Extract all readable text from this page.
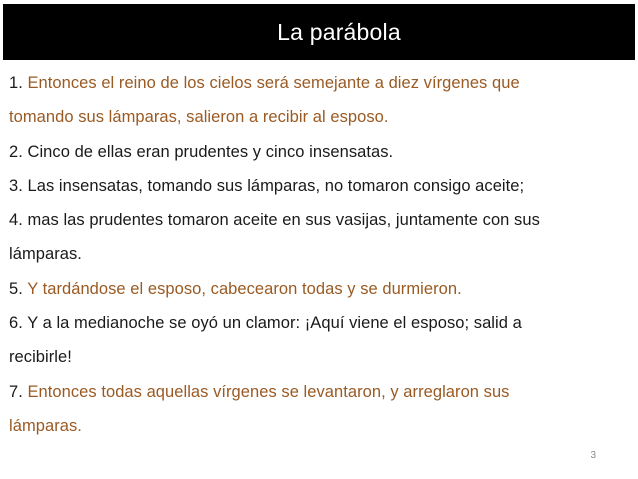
La parábola
1. Entonces el reino de los cielos será semejante a diez vírgenes que
tomando sus lámparas, salieron a recibir al esposo.
2. Cinco de ellas eran prudentes y cinco insensatas.
3. Las insensatas, tomando sus lámparas, no tomaron consigo aceite;
4. mas las prudentes tomaron aceite en sus vasijas, juntamente con sus
lámparas.
5. Y tardándose el esposo, cabecearon todas y se durmieron.
6. Y a la medianoche se oyó un clamor: ¡Aquí viene el esposo; salid a
recibirle!
7. Entonces todas aquellas vírgenes se levantaron, y arreglaron sus
lámparas.
3
